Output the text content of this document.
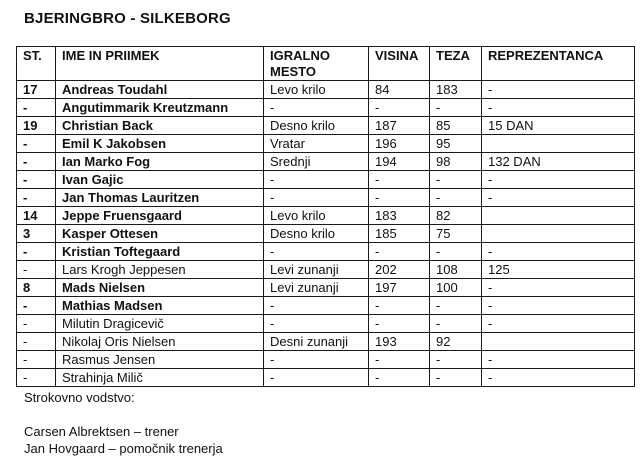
BJERINGBRO - SILKEBORG
ST.	IME IN PRIIMEK	IGRALNO MESTO	VISINA	TEZA	REPREZENTANCA
17	Andreas Toudahl	Levo krilo	84	183	-
-	Angutimmarik Kreutzmann	-	-	-	-
19	Christian Back	Desno krilo	187	85	15 DAN
-	Emil K Jakobsen	Vratar	196	95	
-	Ian Marko Fog	Srednji	194	98	132 DAN
-	Ivan Gajic	-	-	-	-
-	Jan Thomas Lauritzen	-	-	-	-
14	Jeppe Fruensgaard	Levo krilo	183	82	
3	Kasper Ottesen	Desno krilo	185	75	
-	Kristian Toftegaard	-	-	-	-
-	Lars Krogh Jeppesen	Levi zunanji	202	108	125
8	Mads Nielsen	Levi zunanji	197	100	-
-	Mathias Madsen	-	-	-	-
-	Milutin Dragicevič	-	-	-	-
-	Nikolaj Oris Nielsen	Desni zunanji	193	92	
-	Rasmus Jensen	-	-	-	-
-	Strahinja Milič	-	-	-	-

Strokovno vodstvo:

Carsen Albrektsen – trener

Jan Hovgaard – pomočnik trenerja
